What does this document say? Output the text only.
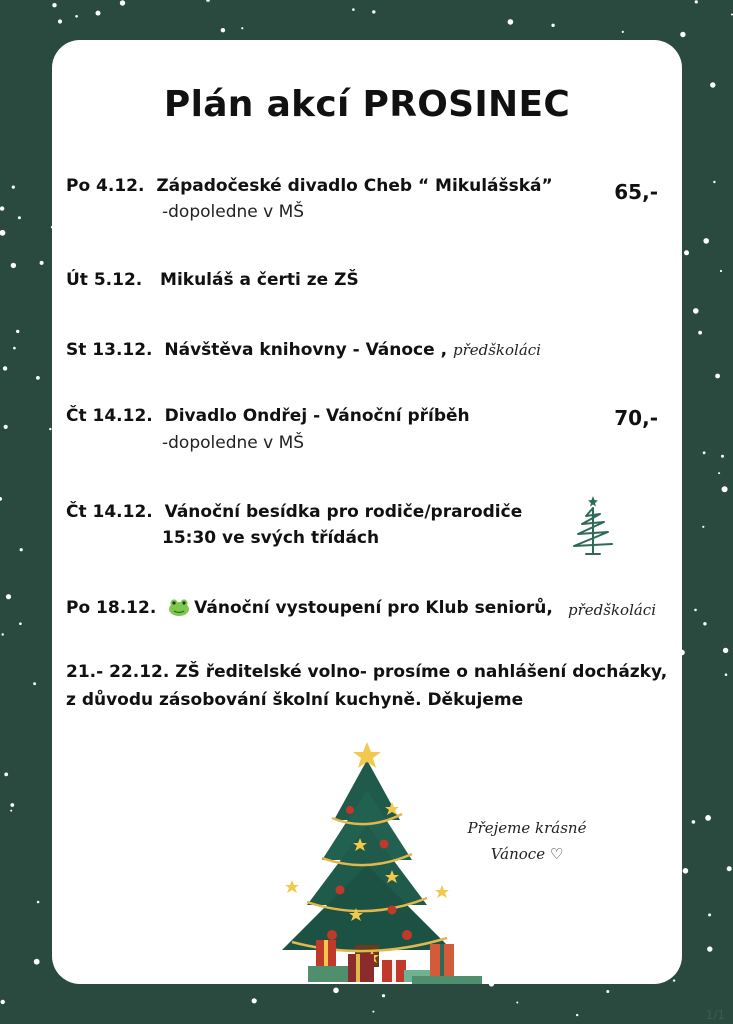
Plán akcí PROSINEC
Po 4.12. Západočeské divadlo Cheb “ Mikulášská”
-dopoledne v MŠ
65,-
Út 5.12. Mikuláš a čerti ze ZŠ
St 13.12. Návštěva knihovny - Vánoce , předškoláci
Čt 14.12. Divadlo Ondřej - Vánoční příběh
-dopoledne v MŠ
70,-
Čt 14.12. Vánoční besídka pro rodiče/prarodiče
15:30 ve svých třídách
Po 18.12. Vánoční vystoupení pro Klub seniorů, předškoláci
21.- 22.12. ZŠ ředitelské volno- prosíme o nahlášení docházky,
z důvodu zásobování školní kuchyně. Děkujeme
Přejeme krásné
Vánoce ♡
1/1
